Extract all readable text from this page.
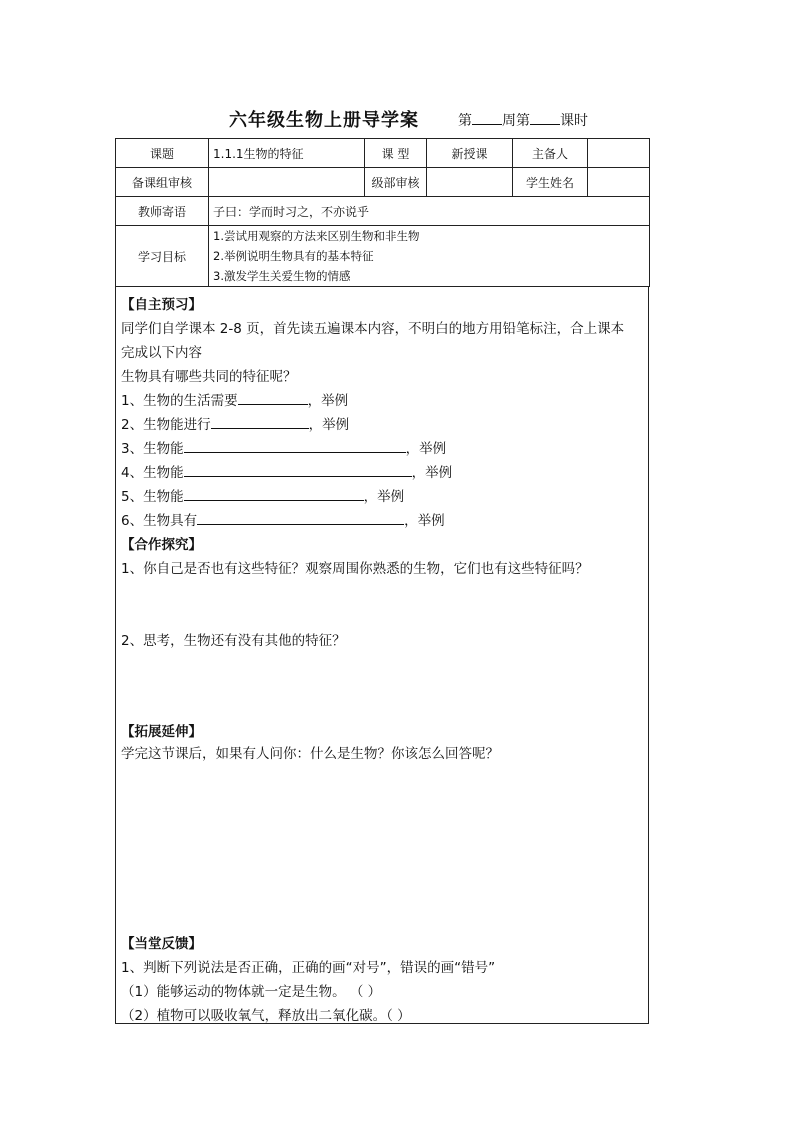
六年级生物上册导学案	第 周第 课时
课题	1.1.1生物的特征	课 型	新授课	主备人	
备课组审核		级部审核		学生姓名	
教师寄语	子曰：学而时习之，不亦说乎				
学习目标	1.尝试用观察的方法来区别生物和非生物
2.举例说明生物具有的基本特征
3.激发学生关爱生物的情感				
【自主预习】
同学们自学课本 2-8 页，首先读五遍课本内容，不明白的地方用铅笔标注，合上课本
完成以下内容
生物具有哪些共同的特征呢？
1、生物的生活需要	，举例
2、生物能进行	，举例
3、生物能	，举例
4、生物能	，举例
5、生物能	，举例
6、生物具有	，举例
【合作探究】
1、你自己是否也有这些特征？观察周围你熟悉的生物，它们也有这些特征吗？
2、思考，生物还有没有其他的特征？
【拓展延伸】
学完这节课后，如果有人问你：什么是生物？你该怎么回答呢？
【当堂反馈】
1、判断下列说法是否正确，正确的画“对号”，错误的画“错号”
（1）能够运动的物体就一定是生物。 （ ）
（2）植物可以吸收氧气，释放出二氧化碳。（ ）
